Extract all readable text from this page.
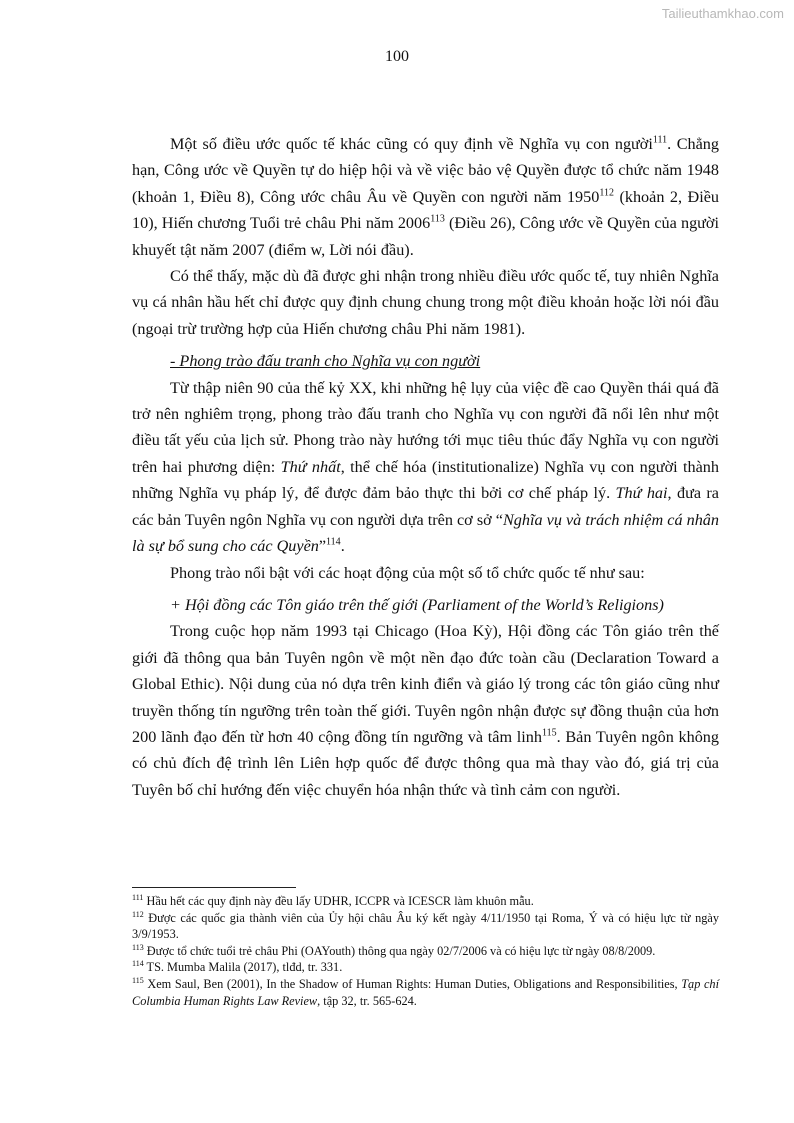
Tailieuthamkhao.com
100

Một số điều ước quốc tế khác cũng có quy định về Nghĩa vụ con người$^{111}$. Chẳng hạn, Công ước về Quyền tự do hiệp hội và về việc bảo vệ Quyền được tổ chức năm 1948 (khoản 1, Điều 8), Công ước châu Âu về Quyền con người năm 1950$^{112}$ (khoản 2, Điều 10), Hiến chương Tuổi trẻ châu Phi năm 2006$^{113}$ (Điều 26), Công ước về Quyền của người khuyết tật năm 2007 (điểm w, Lời nói đầu).

Có thể thấy, mặc dù đã được ghi nhận trong nhiều điều ước quốc tế, tuy nhiên Nghĩa vụ cá nhân hầu hết chỉ được quy định chung chung trong một điều khoản hoặc lời nói đầu (ngoại trừ trường hợp của Hiến chương châu Phi năm 1981).

- Phong trào đấu tranh cho Nghĩa vụ con người

Từ thập niên 90 của thế kỷ XX, khi những hệ lụy của việc đề cao Quyền thái quá đã trở nên nghiêm trọng, phong trào đấu tranh cho Nghĩa vụ con người đã nổi lên như một điều tất yếu của lịch sử. Phong trào này hướng tới mục tiêu thúc đẩy Nghĩa vụ con người trên hai phương diện: Thứ nhất, thể chế hóa (institutionalize) Nghĩa vụ con người thành những Nghĩa vụ pháp lý, để được đảm bảo thực thi bởi cơ chế pháp lý. Thứ hai, đưa ra các bản Tuyên ngôn Nghĩa vụ con người dựa trên cơ sở “Nghĩa vụ và trách nhiệm cá nhân là sự bổ sung cho các Quyền”$^{114}$.

Phong trào nổi bật với các hoạt động của một số tổ chức quốc tế như sau:

+ Hội đồng các Tôn giáo trên thế giới (Parliament of the World’s Religions)

Trong cuộc họp năm 1993 tại Chicago (Hoa Kỳ), Hội đồng các Tôn giáo trên thế giới đã thông qua bản Tuyên ngôn về một nền đạo đức toàn cầu (Declaration Toward a Global Ethic). Nội dung của nó dựa trên kinh điển và giáo lý trong các tôn giáo cũng như truyền thống tín ngưỡng trên toàn thế giới. Tuyên ngôn nhận được sự đồng thuận của hơn 200 lãnh đạo đến từ hơn 40 cộng đồng tín ngưỡng và tâm linh$^{115}$. Bản Tuyên ngôn không có chủ đích đệ trình lên Liên hợp quốc để được thông qua mà thay vào đó, giá trị của Tuyên bố chỉ hướng đến việc chuyển hóa nhận thức và tình cảm con người.

$^{111}$ Hầu hết các quy định này đều lấy UDHR, ICCPR và ICESCR làm khuôn mẫu.

$^{112}$ Được các quốc gia thành viên của Ủy hội châu Âu ký kết ngày 4/11/1950 tại Roma, Ý và có hiệu lực từ ngày 3/9/1953.

$^{113}$ Được tổ chức tuổi trẻ châu Phi (OAYouth) thông qua ngày 02/7/2006 và có hiệu lực từ ngày 08/8/2009.

$^{114}$ TS. Mumba Malila (2017), tlđd, tr. 331.

$^{115}$ Xem Saul, Ben (2001), In the Shadow of Human Rights: Human Duties, Obligations and Responsibilities, Tạp chí Columbia Human Rights Law Review, tập 32, tr. 565-624.
